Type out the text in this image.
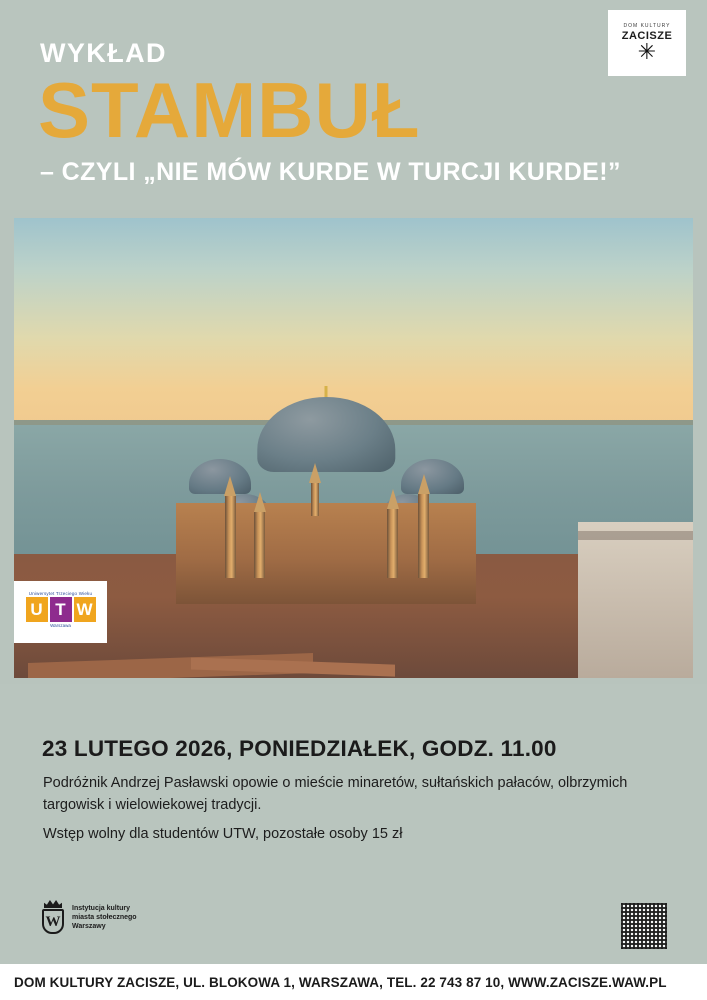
WYKŁAD
STAMBUŁ
– CZYLI „NIE MÓW KURDE W TURCJI KURDE!”
DOM KULTURY
ZACISZE
✳
Uniwersytet Trzeciego Wieku
U T W
Warszawa
23 LUTEGO 2026, PONIEDZIAŁEK, GODZ. 11.00
Podróżnik Andrzej Pasławski opowie o mieście minaretów, sułtańskich pałaców, olbrzymich targowisk i wielowiekowej tradycji.
Wstęp wolny dla studentów UTW, pozostałe osoby 15 zł
W
Instytucja kultury
miasta stołecznego
Warszawy
DOM KULTURY ZACISZE, UL. BLOKOWA 1, WARSZAWA, TEL. 22 743 87 10, WWW.ZACISZE.WAW.PL
